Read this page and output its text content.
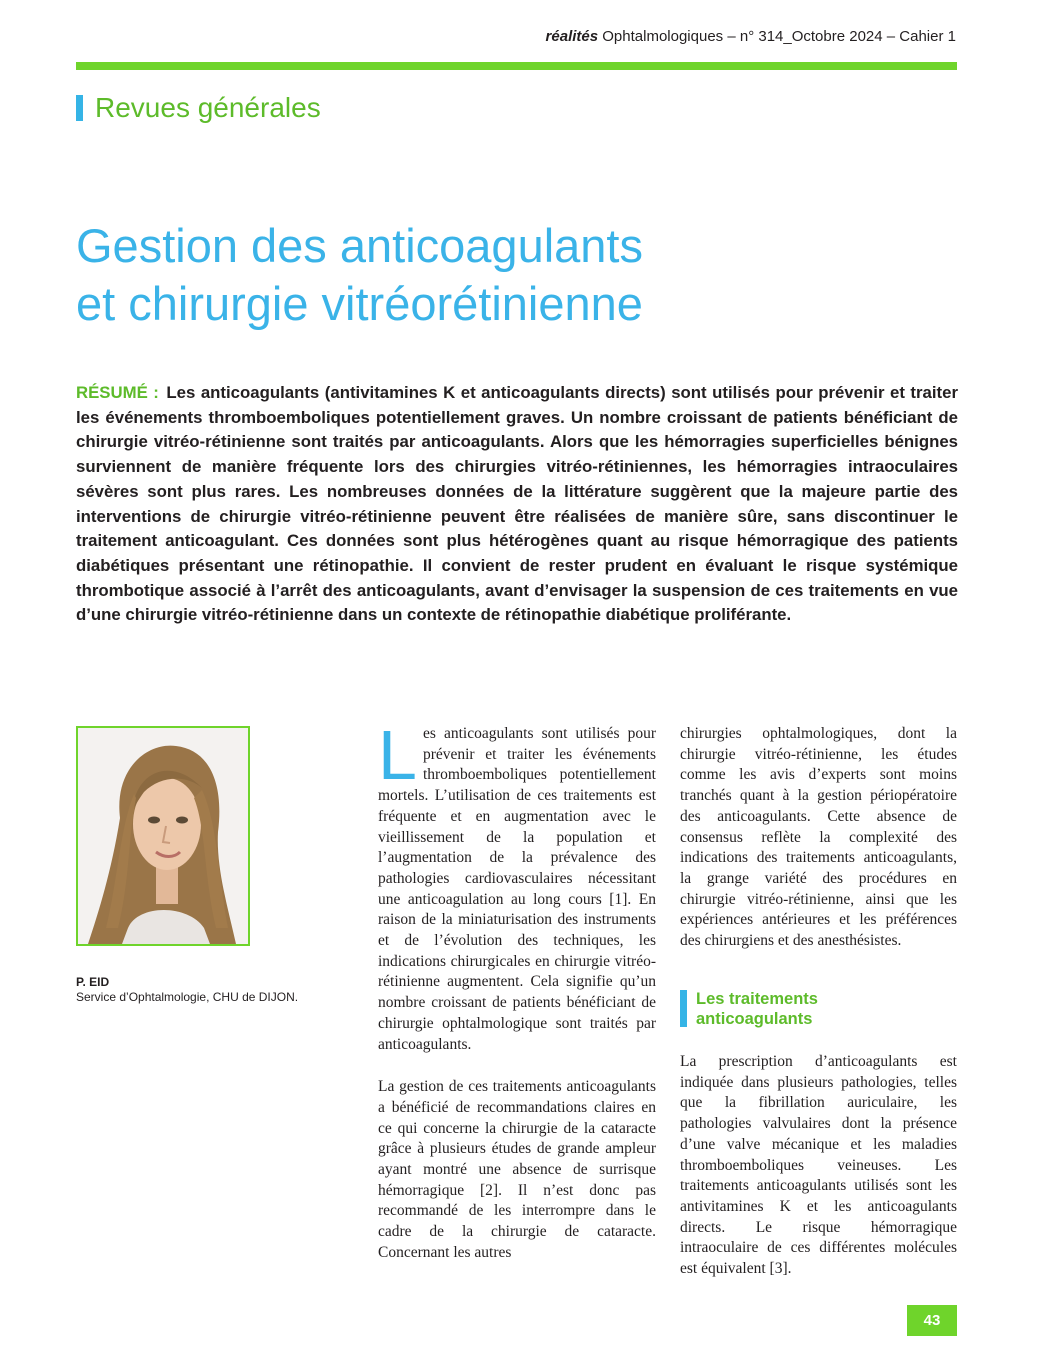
réalités Ophtalmologiques – n° 314_Octobre 2024 – Cahier 1
Revues générales
Gestion des anticoagulants
et chirurgie vitréorétinienne
RÉSUMÉ : Les anticoagulants (antivitamines K et anticoagulants directs) sont utilisés pour prévenir et traiter les événements thromboemboliques potentiellement graves. Un nombre croissant de patients bénéficiant de chirurgie vitréo-rétinienne sont traités par anticoagulants. Alors que les hémorragies superficielles bénignes surviennent de manière fréquente lors des chirurgies vitréo-rétiniennes, les hémorragies intraoculaires sévères sont plus rares. Les nombreuses données de la littérature suggèrent que la majeure partie des interventions de chirurgie vitréo-rétinienne peuvent être réalisées de manière sûre, sans discontinuer le traitement anticoagulant. Ces données sont plus hétérogènes quant au risque hémorragique des patients diabétiques présentant une rétinopathie. Il convient de rester prudent en évaluant le risque systémique thrombotique associé à l’arrêt des anticoagulants, avant d’envisager la suspension de ces traitements en vue d’une chirurgie vitréo-rétinienne dans un contexte de rétinopathie diabétique proliférante.
P. EID
Service d’Ophtalmologie, CHU de DIJON.

Les anticoagulants sont utilisés pour prévenir et traiter les événements thromboemboliques potentiellement mortels. L’utilisation de ces traitements est fréquente et en augmentation avec le vieillissement de la population et l’augmentation de la prévalence des pathologies cardiovasculaires nécessitant une anticoagulation au long cours [1]. En raison de la miniaturisation des instruments et de l’évolution des techniques, les indications chirurgicales en chirurgie vitréo-rétinienne augmentent. Cela signifie qu’un nombre croissant de patients bénéficiant de chirurgie ophtalmologique sont traités par anticoagulants.

La gestion de ces traitements anticoagulants a bénéficié de recommandations claires en ce qui concerne la chirurgie de la cataracte grâce à plusieurs études de grande ampleur ayant montré une absence de surrisque hémorragique [2]. Il n’est donc pas recommandé de les interrompre dans le cadre de la chirurgie de cataracte. Concernant les autres

chirurgies ophtalmologiques, dont la chirurgie vitréo-rétinienne, les études comme les avis d’experts sont moins tranchés quant à la gestion périopératoire des anticoagulants. Cette absence de consensus reflète la complexité des indications des traitements anticoagulants, la grange variété des procédures en chirurgie vitréo-rétinienne, ainsi que les expériences antérieures et les préférences des chirurgiens et des anesthésistes.

Les traitements
anticoagulants

La prescription d’anticoagulants est indiquée dans plusieurs pathologies, telles que la fibrillation auriculaire, les pathologies valvulaires dont la présence d’une valve mécanique et les maladies thromboemboliques veineuses. Les traitements anticoagulants utilisés sont les antivitamines K et les anticoagulants directs. Le risque hémorragique intraoculaire de ces différentes molécules est équivalent [3].

43
